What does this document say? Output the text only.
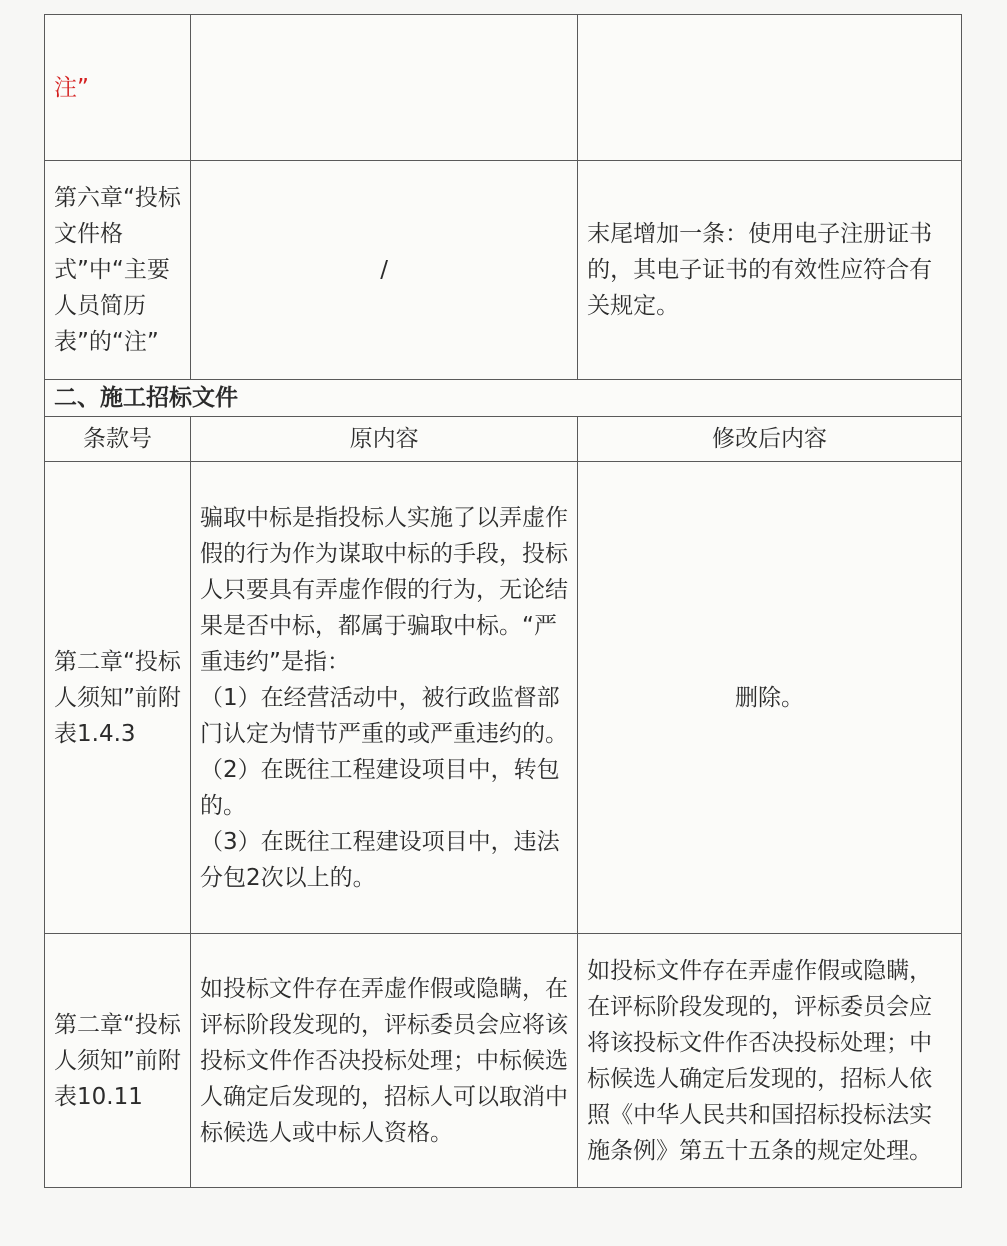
注”		
第六章“投标文件格式”中“主要人员简历表”的“注”	/	末尾增加一条：使用电子注册证书的，其电子证书的有效性应符合有关规定。
二、施工招标文件		
条款号	原内容	修改后内容
第二章“投标人须知”前附表1.4.3	骗取中标是指投标人实施了以弄虚作假的行为作为谋取中标的手段，投标人只要具有弄虚作假的行为，无论结果是否中标，都属于骗取中标。“严重违约”是指：
（1）在经营活动中，被行政监督部门认定为情节严重的或严重违约的。
（2）在既往工程建设项目中，转包的。
（3）在既往工程建设项目中，违法分包2次以上的。	删除。
第二章“投标人须知”前附表10.11	如投标文件存在弄虚作假或隐瞒，在评标阶段发现的，评标委员会应将该投标文件作否决投标处理；中标候选人确定后发现的，招标人可以取消中标候选人或中标人资格。	如投标文件存在弄虚作假或隐瞒，在评标阶段发现的，评标委员会应将该投标文件作否决投标处理；中标候选人确定后发现的，招标人依照《中华人民共和国招标投标法实施条例》第五十五条的规定处理。
